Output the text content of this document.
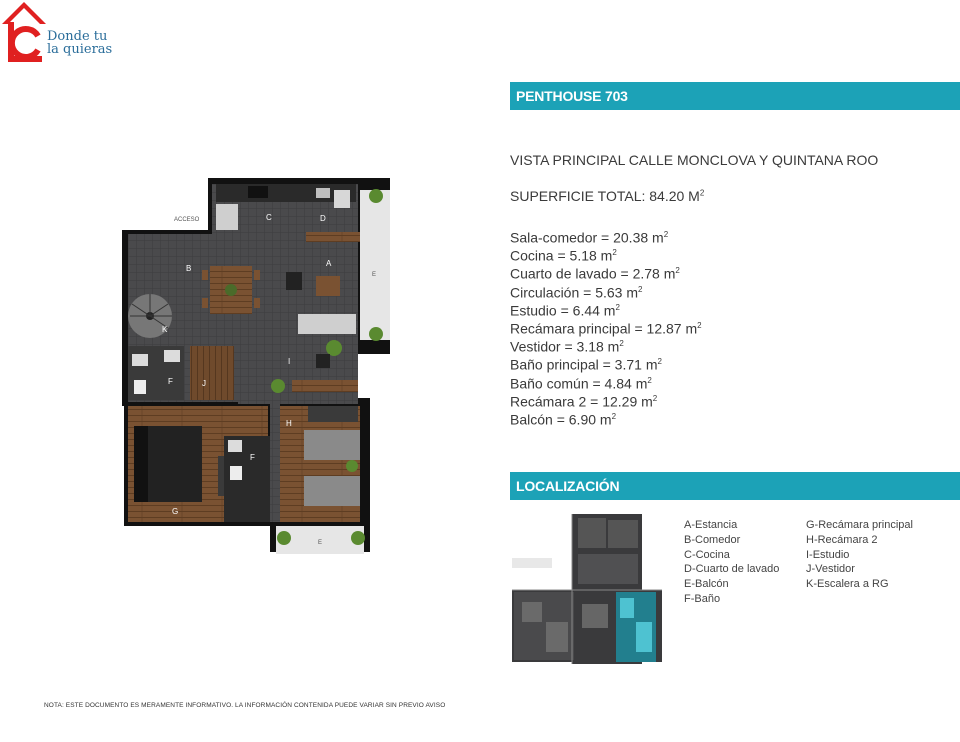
Donde tu
la quieras
PENTHOUSE 703
VISTA PRINCIPAL CALLE MONCLOVA Y QUINTANA ROO
SUPERFICIE TOTAL: 84.20 $M^2$
Sala-comedor = 20.38 $m^2$
Cocina = 5.18 $m^2$
Cuarto de lavado = 2.78 $m^2$
Circulación = 5.63 $m^2$
Estudio = 6.44 $m^2$
Recámara principal = 12.87 $m^2$
Vestidor = 3.18 $m^2$
Baño principal = 3.71 $m^2$
Baño común = 4.84 $m^2$
Recámara 2 = 12.29 $m^2$
Balcón = 6.90 $m^2$
LOCALIZACIÓN
A-Estancia
B-Comedor
C-Cocina
D-Cuarto de lavado
E-Balcón
F-Baño
G-Recámara principal
H-Recámara 2
I-Estudio
J-Vestidor
K-Escalera a RG
ACCESO	C	D
A
B
E
K
I
F	J
H
F
G
E
NOTA: ESTE DOCUMENTO ES MERAMENTE INFORMATIVO. LA INFORMACIÓN CONTENIDA PUEDE VARIAR SIN PREVIO AVISO
